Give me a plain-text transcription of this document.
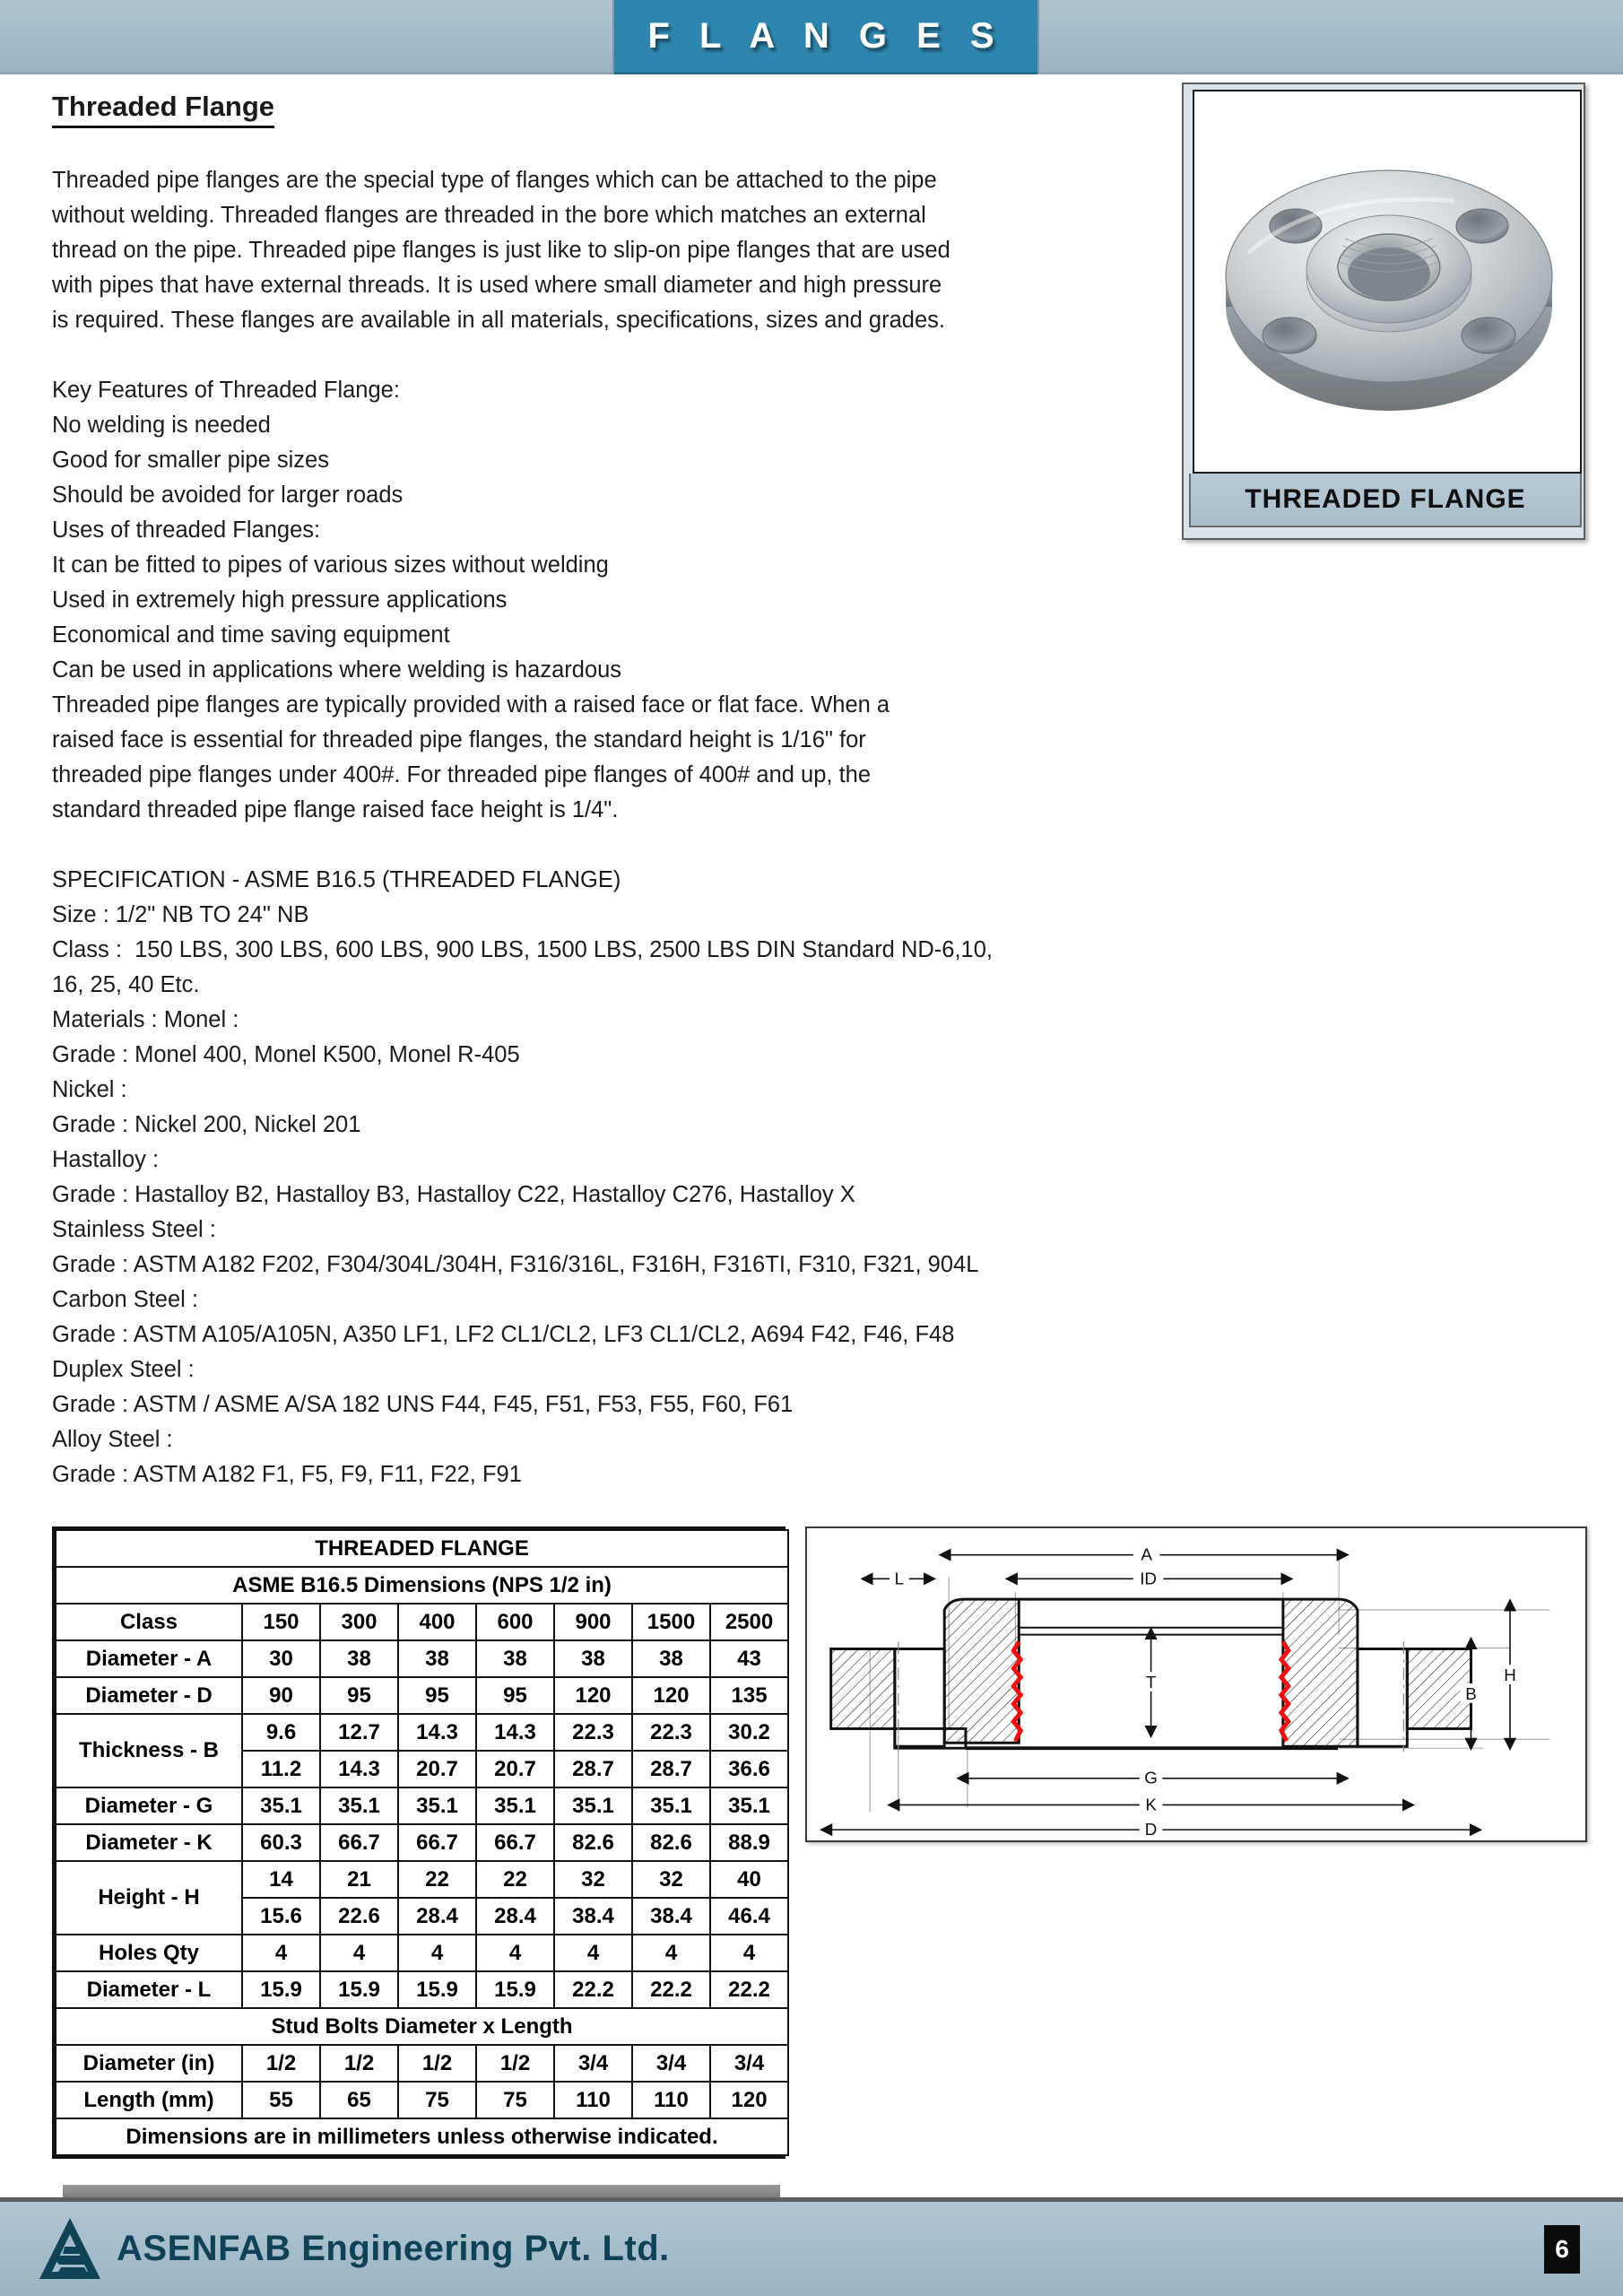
F L A N G E S
Threaded Flange

Threaded pipe flanges are the special type of flanges which can be attached to the pipe

without welding. Threaded flanges are threaded in the bore which matches an external

thread on the pipe. Threaded pipe flanges is just like to slip-on pipe flanges that are used

with pipes that have external threads. It is used where small diameter and high pressure

is required. These flanges are available in all materials, specifications, sizes and grades.

Key Features of Threaded Flange:

No welding is needed

Good for smaller pipe sizes

Should be avoided for larger roads

Uses of threaded Flanges:

It can be fitted to pipes of various sizes without welding

Used in extremely high pressure applications

Economical and time saving equipment

Can be used in applications where welding is hazardous

Threaded pipe flanges are typically provided with a raised face or flat face. When a

raised face is essential for threaded pipe flanges, the standard height is 1/16" for

threaded pipe flanges under 400#. For threaded pipe flanges of 400# and up, the

standard threaded pipe flange raised face height is 1/4".

SPECIFICATION - ASME B16.5 (THREADED FLANGE)

Size : 1/2" NB TO 24" NB

Class :  150 LBS, 300 LBS, 600 LBS, 900 LBS, 1500 LBS, 2500 LBS DIN Standard ND-6,10,

16, 25, 40 Etc.

Materials : Monel :

Grade : Monel 400, Monel K500, Monel R-405

Nickel :

Grade : Nickel 200, Nickel 201

Hastalloy :

Grade : Hastalloy B2, Hastalloy B3, Hastalloy C22, Hastalloy C276, Hastalloy X

Stainless Steel :

Grade : ASTM A182 F202, F304/304L/304H, F316/316L, F316H, F316TI, F310, F321, 904L

Carbon Steel :

Grade : ASTM A105/A105N, A350 LF1, LF2 CL1/CL2, LF3 CL1/CL2, A694 F42, F46, F48

Duplex Steel :

Grade : ASTM / ASME A/SA 182 UNS F44, F45, F51, F53, F55, F60, F61

Alloy Steel :

Grade : ASTM A182 F1, F5, F9, F11, F22, F91

THREADED FLANGE
THREADED FLANGE							
ASME B16.5 Dimensions (NPS 1/2 in)							
Class	150	300	400	600	900	1500	2500
Diameter - A	30	38	38	38	38	38	43
Diameter - D	90	95	95	95	120	120	135
Thickness - B	9.6	12.7	14.3	14.3	22.3	22.3	30.2
	11.2	14.3	20.7	20.7	28.7	28.7	36.6
Diameter - G	35.1	35.1	35.1	35.1	35.1	35.1	35.1
Diameter - K	60.3	66.7	66.7	66.7	82.6	82.6	88.9
Height - H	14	21	22	22	32	32	40
	15.6	22.6	28.4	28.4	38.4	38.4	46.4
Holes Qty	4	4	4	4	4	4	4
Diameter - L	15.9	15.9	15.9	15.9	22.2	22.2	22.2
Stud Bolts Diameter x Length							
Diameter (in)	1/2	1/2	1/2	1/2	3/4	3/4	3/4
Length (mm)	55	65	75	75	110	110	120
Dimensions are in millimeters unless otherwise indicated.							
A
ID
L
T	H
B
G
K
D
ASENFAB Engineering Pvt. Ltd.	6
